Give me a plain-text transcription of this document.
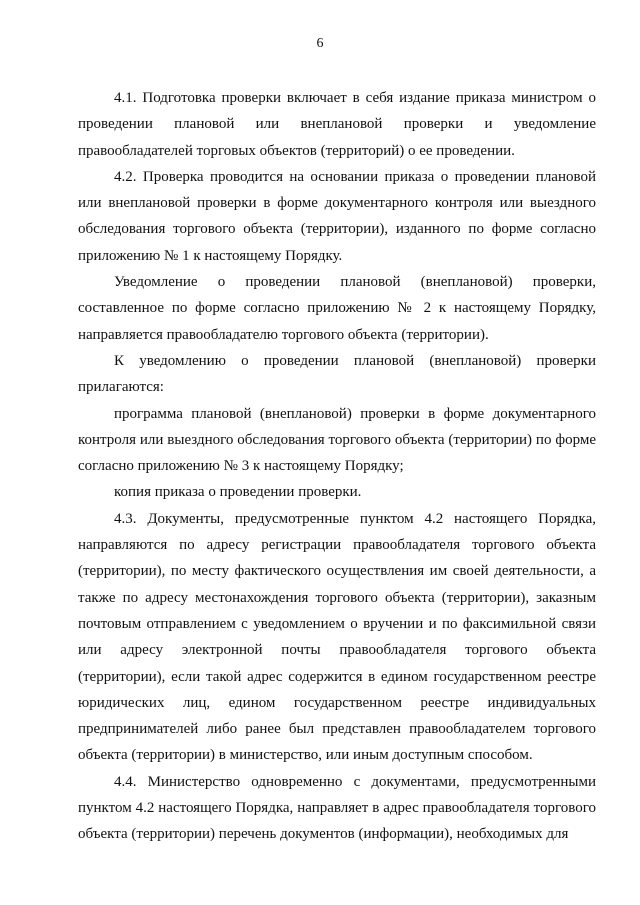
6

4.1. Подготовка проверки включает в себя издание приказа министром о проведении плановой или внеплановой проверки и уведомление правообладателей торговых объектов (территорий) о ее проведении.

4.2. Проверка проводится на основании приказа о проведении плановой или внеплановой проверки в форме документарного контроля или выездного обследования торгового объекта (территории), изданного по форме согласно приложению № 1 к настоящему Порядку.

Уведомление о проведении плановой (внеплановой) проверки, составленное по форме согласно приложению № 2 к настоящему Порядку, направляется правообладателю торгового объекта (территории).

К уведомлению о проведении плановой (внеплановой) проверки прилагаются:

программа плановой (внеплановой) проверки в форме документарного контроля или выездного обследования торгового объекта (территории) по форме согласно приложению № 3 к настоящему Порядку;

копия приказа о проведении проверки.

4.3. Документы, предусмотренные пунктом 4.2 настоящего Порядка, направляются по адресу регистрации правообладателя торгового объекта (территории), по месту фактического осуществления им своей деятельности, а также по адресу местонахождения торгового объекта (территории), заказным почтовым отправлением с уведомлением о вручении и по факсимильной связи или адресу электронной почты правообладателя торгового объекта (территории), если такой адрес содержится в едином государственном реестре юридических лиц, едином государственном реестре индивидуальных предпринимателей либо ранее был представлен правообладателем торгового объекта (территории) в министерство, или иным доступным способом.

4.4. Министерство одновременно с документами, предусмотренными пунктом 4.2 настоящего Порядка, направляет в адрес правообладателя торгового объекта (территории) перечень документов (информации), необходимых для
